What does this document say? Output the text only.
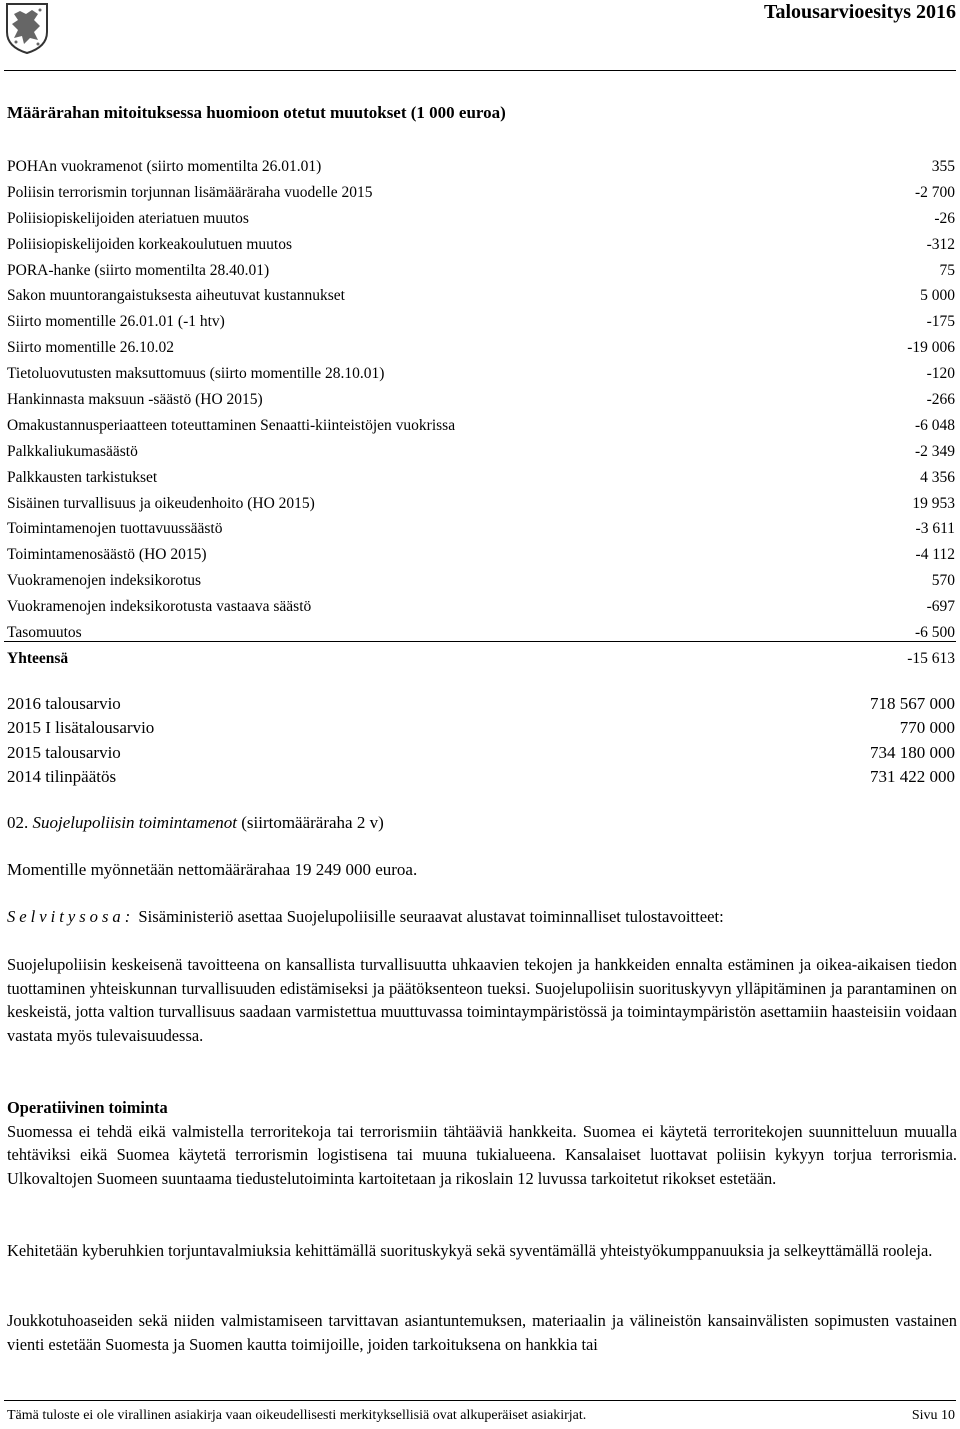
Talousarvioesitys 2016
Määrärahan mitoituksessa huomioon otetut muutokset (1 000 euroa)
POHAn vuokramenot (siirto momentilta 26.01.01)	355
Poliisin terrorismin torjunnan lisämääräraha vuodelle 2015	-2 700
Poliisiopiskelijoiden ateriatuen muutos	-26
Poliisiopiskelijoiden korkeakoulutuen muutos	-312
PORA-hanke (siirto momentilta 28.40.01)	75
Sakon muuntorangaistuksesta aiheutuvat kustannukset	5 000
Siirto momentille 26.01.01 (-1 htv)	-175
Siirto momentille 26.10.02	-19 006
Tietoluovutusten maksuttomuus (siirto momentille 28.10.01)	-120
Hankinnasta maksuun -säästö (HO 2015)	-266
Omakustannusperiaatteen toteuttaminen Senaatti-kiinteistöjen vuokrissa	-6 048
Palkkaliukumasäästö	-2 349
Palkkausten tarkistukset	4 356
Sisäinen turvallisuus ja oikeudenhoito (HO 2015)	19 953
Toimintamenojen tuottavuussäästö	-3 611
Toimintamenosäästö (HO 2015)	-4 112
Vuokramenojen indeksikorotus	570
Vuokramenojen indeksikorotusta vastaava säästö	-697
Tasomuutos	-6 500
Yhteensä	-15 613
2016 talousarvio	718 567 000
2015 I lisätalousarvio	770 000
2015 talousarvio	734 180 000
2014 tilinpäätös	731 422 000
02. Suojelupoliisin toimintamenot (siirtomääräraha 2 v)
Momentille myönnetään nettomäärärahaa 19 249 000 euroa.
Selvitysosa: Sisäministeriö asettaa Suojelupoliisille seuraavat alustavat toiminnalliset tulostavoitteet:
Suojelupoliisin keskeisenä tavoitteena on kansallista turvallisuutta uhkaavien tekojen ja hankkeiden ennalta estäminen ja oikea-aikaisen tiedon tuottaminen yhteiskunnan turvallisuuden edistämiseksi ja päätöksenteon tueksi. Suojelupoliisin suorituskyvyn ylläpitäminen ja parantaminen on keskeistä, jotta valtion turvallisuus saadaan varmistettua muuttuvassa toimintaympäristössä ja toimintaympäristön asettamiin haasteisiin voidaan vastata myös tulevaisuudessa.

Operatiivinen toiminta

Suomessa ei tehdä eikä valmistella terroritekoja tai terrorismiin tähtääviä hankkeita. Suomea ei käytetä terroritekojen suunnitteluun muualla tehtäviksi eikä Suomea käytetä terrorismin logistisena tai muuna tukialueena. Kansalaiset luottavat poliisin kykyyn torjua terrorismia. Ulkovaltojen Suomeen suuntaama tiedustelutoiminta kartoitetaan ja rikoslain 12 luvussa tarkoitetut rikokset estetään.

Kehitetään kyberuhkien torjuntavalmiuksia kehittämällä suorituskykyä sekä syventämällä yhteistyökumppanuuksia ja selkeyttämällä rooleja.
Joukkotuhoaseiden sekä niiden valmistamiseen tarvittavan asiantuntemuksen, materiaalin ja välineistön kansainvälisten sopimusten vastainen vienti estetään Suomesta ja Suomen kautta toimijoille, joiden tarkoituksena on hankkia tai
Tämä tuloste ei ole virallinen asiakirja vaan oikeudellisesti merkityksellisiä ovat alkuperäiset asiakirjat.	Sivu 10
